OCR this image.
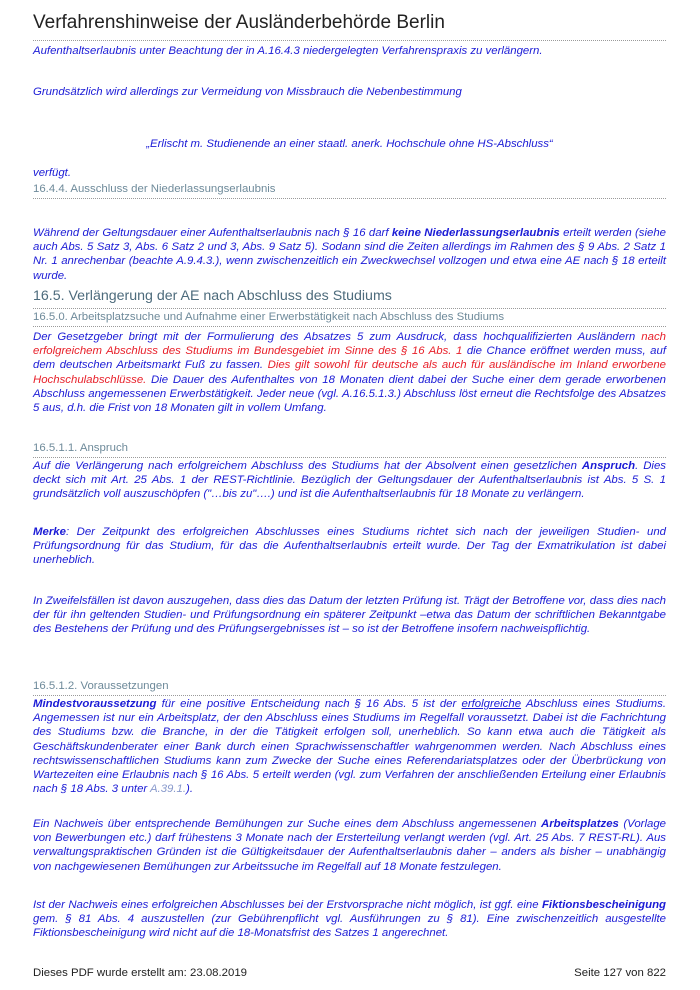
Verfahrenshinweise der Ausländerbehörde Berlin

Aufenthaltserlaubnis unter Beachtung der in A.16.4.3 niedergelegten Verfahrenspraxis zu verlängern.

Grundsätzlich wird allerdings zur Vermeidung von Missbrauch die Nebenbestimmung

„Erlischt m. Studienende an einer staatl. anerk. Hochschule ohne HS-Abschluss“

verfügt.

16.4.4. Ausschluss der Niederlassungserlaubnis

Während der Geltungsdauer einer Aufenthaltserlaubnis nach § 16 darf keine Niederlassungserlaubnis erteilt werden (siehe auch Abs. 5 Satz 3, Abs. 6 Satz 2 und 3, Abs. 9 Satz 5). Sodann sind die Zeiten allerdings im Rahmen des § 9 Abs. 2 Satz 1 Nr. 1 anrechenbar (beachte A.9.4.3.), wenn zwischenzeitlich ein Zweckwechsel vollzogen und etwa eine AE nach § 18 erteilt wurde.

16.5. Verlängerung der AE nach Abschluss des Studiums
16.5.0. Arbeitsplatzsuche und Aufnahme einer Erwerbstätigkeit nach Abschluss des Studiums

Der Gesetzgeber bringt mit der Formulierung des Absatzes 5 zum Ausdruck, dass hochqualifizierten Ausländern nach erfolgreichem Abschluss des Studiums im Bundesgebiet im Sinne des § 16 Abs. 1 die Chance eröffnet werden muss, auf dem deutschen Arbeitsmarkt Fuß zu fassen. Dies gilt sowohl für deutsche als auch für ausländische im Inland erworbene Hochschulabschlüsse. Die Dauer des Aufenthaltes von 18 Monaten dient dabei der Suche einer dem gerade erworbenen Abschluss angemessenen Erwerbstätigkeit. Jeder neue (vgl. A.16.5.1.3.) Abschluss löst erneut die Rechtsfolge des Absatzes 5 aus, d.h. die Frist von 18 Monaten gilt in vollem Umfang.

16.5.1.1. Anspruch

Auf die Verlängerung nach erfolgreichem Abschluss des Studiums hat der Absolvent einen gesetzlichen Anspruch. Dies deckt sich mit Art. 25 Abs. 1 der REST-Richtlinie. Bezüglich der Geltungsdauer der Aufenthaltserlaubnis ist Abs. 5 S. 1 grundsätzlich voll auszuschöpfen ("…bis zu"….) und ist die Aufenthaltserlaubnis für 18 Monate zu verlängern.

Merke: Der Zeitpunkt des erfolgreichen Abschlusses eines Studiums richtet sich nach der jeweiligen Studien- und Prüfungsordnung für das Studium, für das die Aufenthaltserlaubnis erteilt wurde. Der Tag der Exmatrikulation ist dabei unerheblich.

In Zweifelsfällen ist davon auszugehen, dass dies das Datum der letzten Prüfung ist. Trägt der Betroffene vor, dass dies nach der für ihn geltenden Studien- und Prüfungsordnung ein späterer Zeitpunkt –etwa das Datum der schriftlichen Bekanntgabe des Bestehens der Prüfung und des Prüfungsergebnisses ist – so ist der Betroffene insofern nachweispflichtig.

16.5.1.2. Voraussetzungen

Mindestvoraussetzung für eine positive Entscheidung nach § 16 Abs. 5 ist der erfolgreiche Abschluss eines Studiums. Angemessen ist nur ein Arbeitsplatz, der den Abschluss eines Studiums im Regelfall voraussetzt. Dabei ist die Fachrichtung des Studiums bzw. die Branche, in der die Tätigkeit erfolgen soll, unerheblich. So kann etwa auch die Tätigkeit als Geschäftskundenberater einer Bank durch einen Sprachwissenschaftler wahrgenommen werden. Nach Abschluss eines rechtswissenschaftlichen Studiums kann zum Zwecke der Suche eines Referendariatsplatzes oder der Überbrückung von Wartezeiten eine Erlaubnis nach § 16 Abs. 5 erteilt werden (vgl. zum Verfahren der anschließenden Erteilung einer Erlaubnis nach § 18 Abs. 3 unter A.39.1.).

Ein Nachweis über entsprechende Bemühungen zur Suche eines dem Abschluss angemessenen Arbeitsplatzes (Vorlage von Bewerbungen etc.) darf frühestens 3 Monate nach der Ersterteilung verlangt werden (vgl. Art. 25 Abs. 7 REST-RL). Aus verwaltungspraktischen Gründen ist die Gültigkeitsdauer der Aufenthaltserlaubnis daher – anders als bisher – unabhängig von nachgewiesenen Bemühungen zur Arbeitssuche im Regelfall auf 18 Monate festzulegen.

Ist der Nachweis eines erfolgreichen Abschlusses bei der Erstvorsprache nicht möglich, ist ggf. eine Fiktionsbescheinigung gem. § 81 Abs. 4 auszustellen (zur Gebührenpflicht vgl. Ausführungen zu § 81). Eine zwischenzeitlich ausgestellte Fiktionsbescheinigung wird nicht auf die 18-Monatsfrist des Satzes 1 angerechnet.

Dieses PDF wurde erstellt am: 23.08.2019	Seite 127 von 822
